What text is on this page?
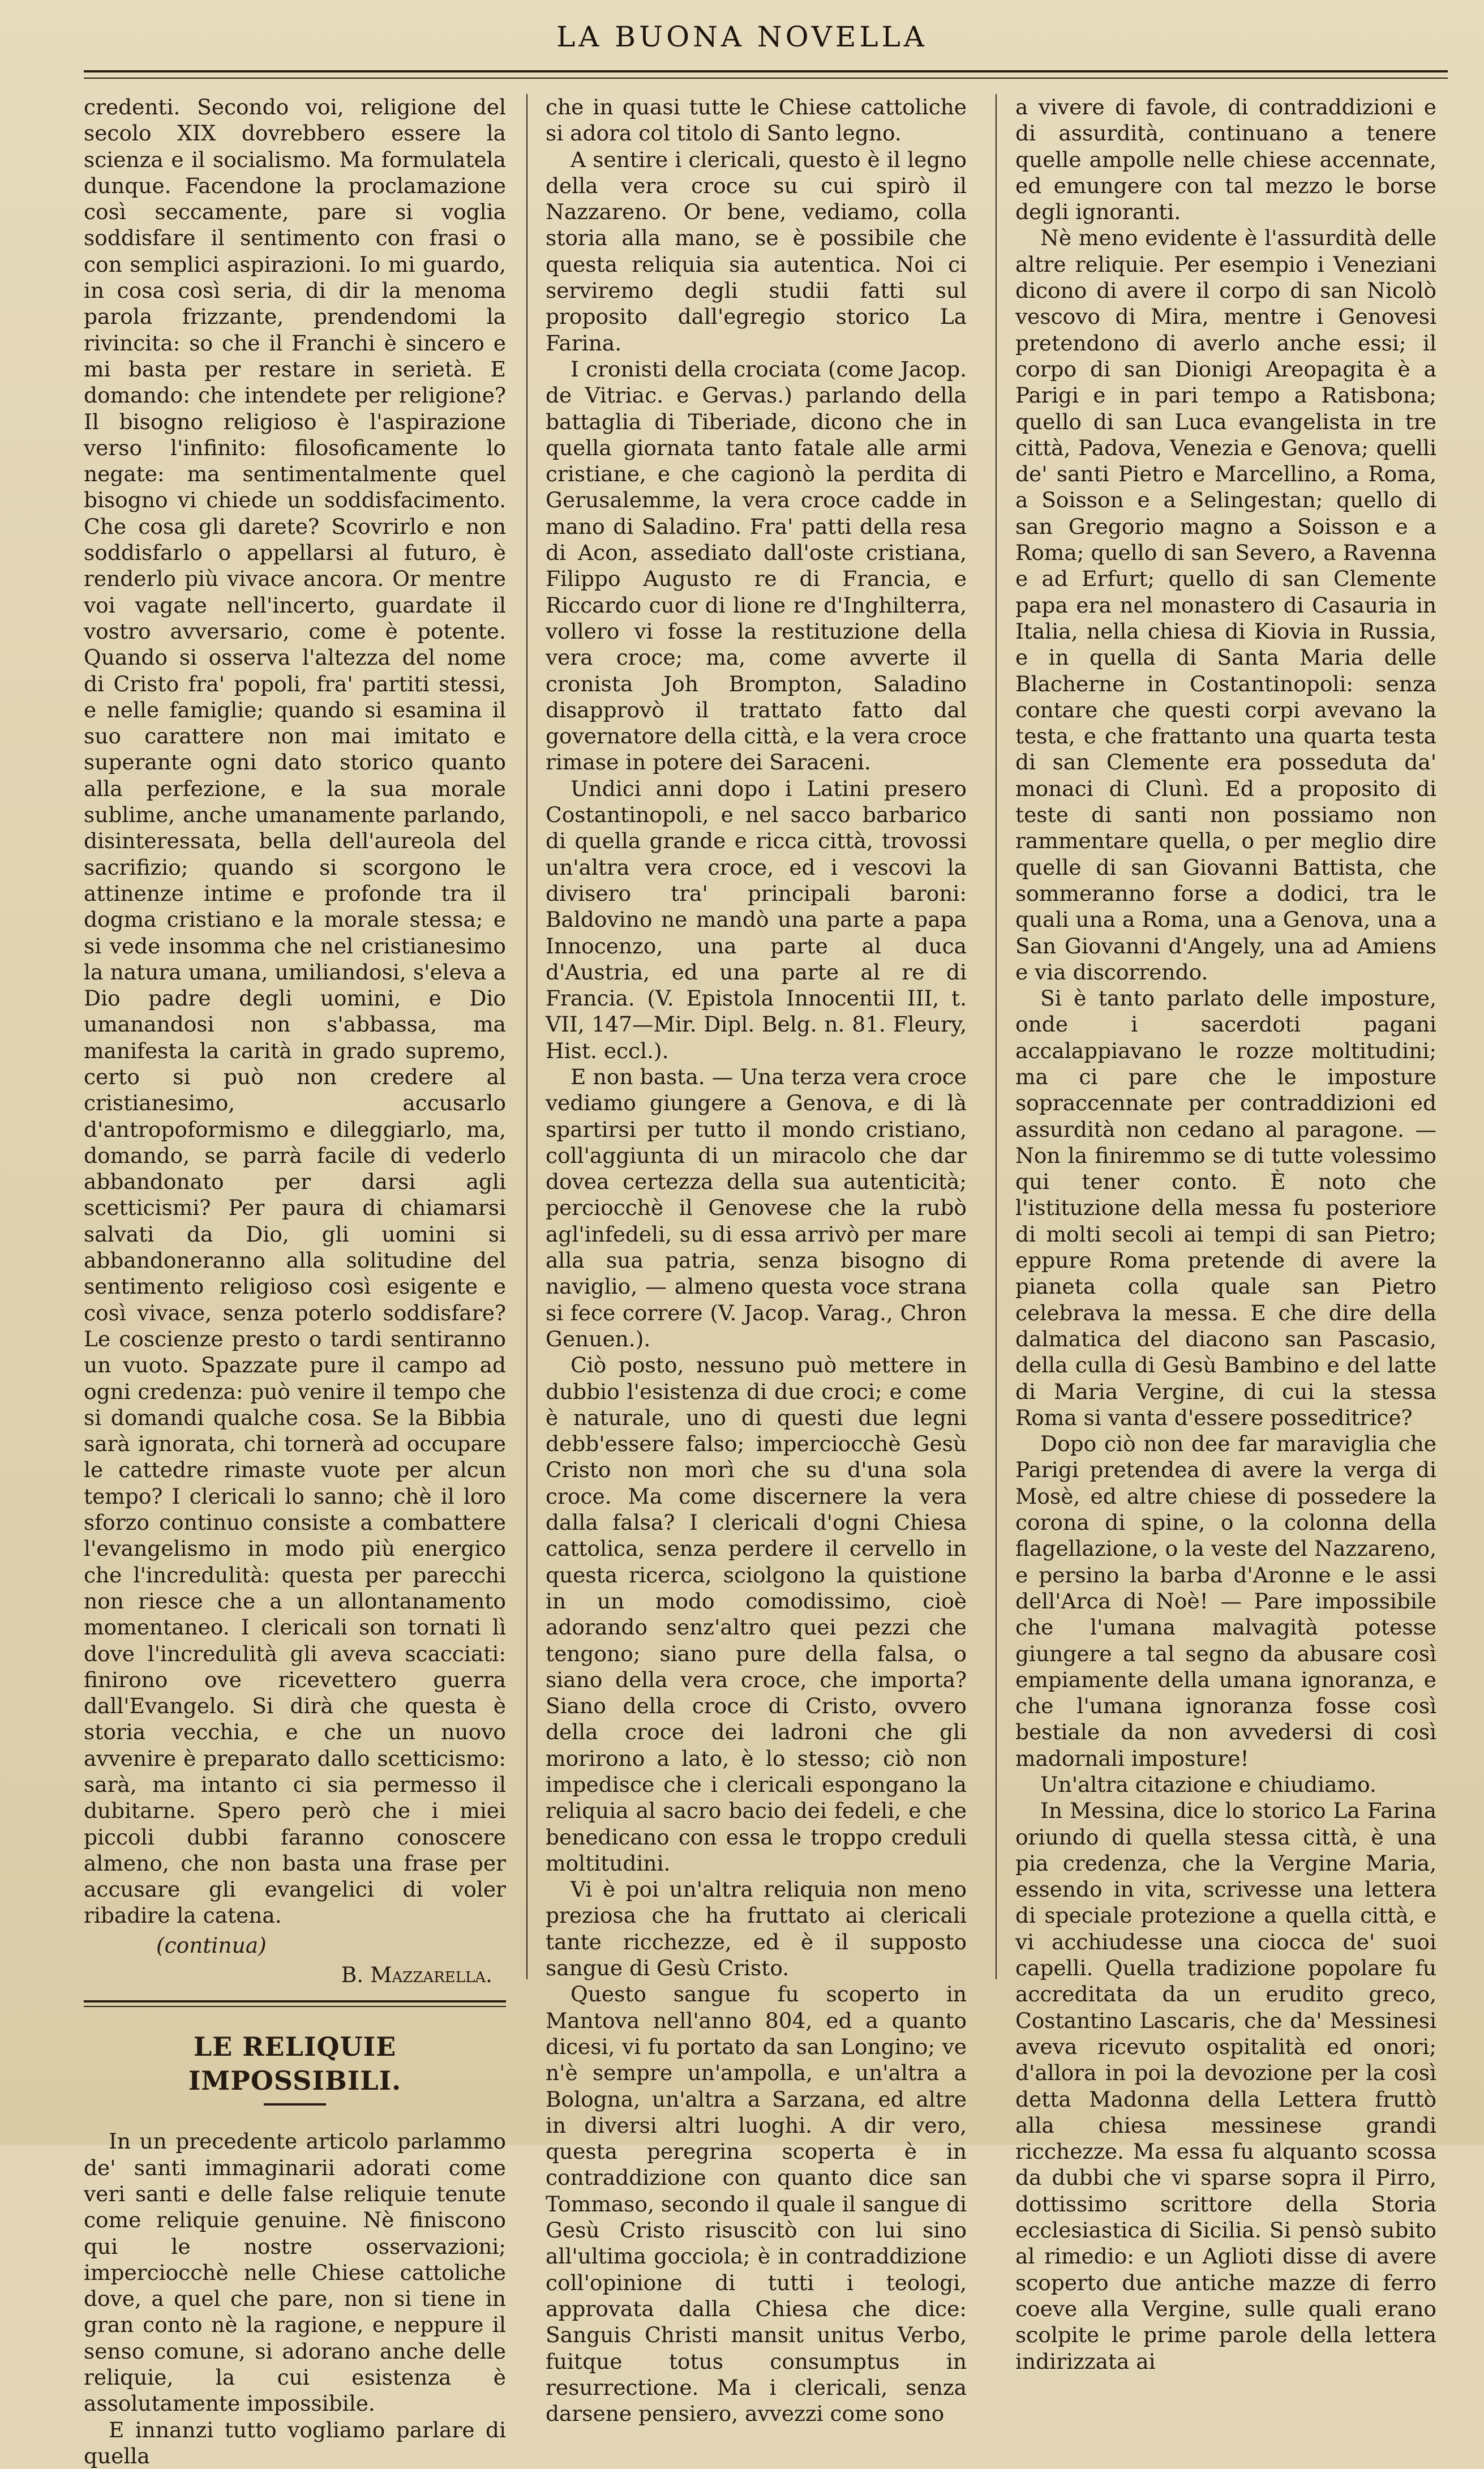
LA BUONA NOVELLA

credenti. Secondo voi, religione del secolo XIX dovrebbero essere la scienza e il socialismo. Ma formulatela dunque. Facendone la proclamazione così seccamente, pare si voglia soddisfare il sentimento con frasi o con semplici aspirazioni. Io mi guardo, in cosa così seria, di dir la menoma parola frizzante, prendendomi la rivincita: so che il Franchi è sincero e mi basta per restare in serietà. E domando: che intendete per religione? Il bisogno religioso è l'aspirazione verso l'infinito: filosoficamente lo negate: ma sentimentalmente quel bisogno vi chiede un soddisfacimento. Che cosa gli darete? Scovrirlo e non soddisfarlo o appellarsi al futuro, è renderlo più vivace ancora. Or mentre voi vagate nell'incerto, guardate il vostro avversario, come è potente. Quando si osserva l'altezza del nome di Cristo fra' popoli, fra' partiti stessi, e nelle famiglie; quando si esamina il suo carattere non mai imitato e superante ogni dato storico quanto alla perfezione, e la sua morale sublime, anche umanamente parlando, disinteressata, bella dell'aureola del sacrifizio; quando si scorgono le attinenze intime e profonde tra il dogma cristiano e la morale stessa; e si vede insomma che nel cristianesimo la natura umana, umiliandosi, s'eleva a Dio padre degli uomini, e Dio umanandosi non s'abbassa, ma manifesta la carità in grado supremo, certo si può non credere al cristianesimo, accusarlo d'antropoformismo e dileggiarlo, ma, domando, se parrà facile di vederlo abbandonato per darsi agli scetticismi? Per paura di chiamarsi salvati da Dio, gli uomini si abbandoneranno alla solitudine del sentimento religioso così esigente e così vivace, senza poterlo soddisfare? Le coscienze presto o tardi sentiranno un vuoto. Spazzate pure il campo ad ogni credenza: può venire il tempo che si domandi qualche cosa. Se la Bibbia sarà ignorata, chi tornerà ad occupare le cattedre rimaste vuote per alcun tempo? I clericali lo sanno; chè il loro sforzo continuo consiste a combattere l'evangelismo in modo più energico che l'incredulità: questa per parecchi non riesce che a un allontanamento momentaneo. I clericali son tornati lì dove l'incredulità gli aveva scacciati: finirono ove ricevettero guerra dall'Evangelo. Si dirà che questa è storia vecchia, e che un nuovo avvenire è preparato dallo scetticismo: sarà, ma intanto ci sia permesso il dubitarne. Spero però che i miei piccoli dubbi faranno conoscere almeno, che non basta una frase per accusare gli evangelici di voler ribadire la catena.

(continua)

B. Mazzarella.

LE RELIQUIE IMPOSSIBILI.

In un precedente articolo parlammo de' santi immaginarii adorati come veri santi e delle false reliquie tenute come reliquie genuine. Nè finiscono qui le nostre osservazioni; imperciocchè nelle Chiese cattoliche dove, a quel che pare, non si tiene in gran conto nè la ragione, e neppure il senso comune, si adorano anche delle reliquie, la cui esistenza è assolutamente impossibile.

E innanzi tutto vogliamo parlare di quella

che in quasi tutte le Chiese cattoliche si adora col titolo di Santo legno.

A sentire i clericali, questo è il legno della vera croce su cui spirò il Nazzareno. Or bene, vediamo, colla storia alla mano, se è possibile che questa reliquia sia autentica. Noi ci serviremo degli studii fatti sul proposito dall'egregio storico La Farina.

I cronisti della crociata (come Jacop. de Vitriac. e Gervas.) parlando della battaglia di Tiberiade, dicono che in quella giornata tanto fatale alle armi cristiane, e che cagionò la perdita di Gerusalemme, la vera croce cadde in mano di Saladino. Fra' patti della resa di Acon, assediato dall'oste cristiana, Filippo Augusto re di Francia, e Riccardo cuor di lione re d'Inghilterra, vollero vi fosse la restituzione della vera croce; ma, come avverte il cronista Joh Brompton, Saladino disapprovò il trattato fatto dal governatore della città, e la vera croce rimase in potere dei Saraceni.

Undici anni dopo i Latini presero Costantinopoli, e nel sacco barbarico di quella grande e ricca città, trovossi un'altra vera croce, ed i vescovi la divisero tra' principali baroni: Baldovino ne mandò una parte a papa Innocenzo, una parte al duca d'Austria, ed una parte al re di Francia. (V. Epistola Innocentii III, t. VII, 147—Mir. Dipl. Belg. n. 81. Fleury, Hist. eccl.).

E non basta. — Una terza vera croce vediamo giungere a Genova, e di là spartirsi per tutto il mondo cristiano, coll'aggiunta di un miracolo che dar dovea certezza della sua autenticità; perciocchè il Genovese che la rubò agl'infedeli, su di essa arrivò per mare alla sua patria, senza bisogno di naviglio, — almeno questa voce strana si fece correre (V. Jacop. Varag., Chron Genuen.).

Ciò posto, nessuno può mettere in dubbio l'esistenza di due croci; e come è naturale, uno di questi due legni debb'essere falso; imperciocchè Gesù Cristo non morì che su d'una sola croce. Ma come discernere la vera dalla falsa? I clericali d'ogni Chiesa cattolica, senza perdere il cervello in questa ricerca, sciolgono la quistione in un modo comodissimo, cioè adorando senz'altro quei pezzi che tengono; siano pure della falsa, o siano della vera croce, che importa? Siano della croce di Cristo, ovvero della croce dei ladroni che gli morirono a lato, è lo stesso; ciò non impedisce che i clericali espongano la reliquia al sacro bacio dei fedeli, e che benedicano con essa le troppo creduli moltitudini.

Vi è poi un'altra reliquia non meno preziosa che ha fruttato ai clericali tante ricchezze, ed è il supposto sangue di Gesù Cristo.

Questo sangue fu scoperto in Mantova nell'anno 804, ed a quanto dicesi, vi fu portato da san Longino; ve n'è sempre un'ampolla, e un'altra a Bologna, un'altra a Sarzana, ed altre in diversi altri luoghi. A dir vero, questa peregrina scoperta è in contraddizione con quanto dice san Tommaso, secondo il quale il sangue di Gesù Cristo risuscitò con lui sino all'ultima gocciola; è in contraddizione coll'opinione di tutti i teologi, approvata dalla Chiesa che dice: Sanguis Christi mansit unitus Verbo, fuitque totus consumptus in resurrectione. Ma i clericali, senza darsene pensiero, avvezzi come sono

a vivere di favole, di contraddizioni e di assurdità, continuano a tenere quelle ampolle nelle chiese accennate, ed emungere con tal mezzo le borse degli ignoranti.

Nè meno evidente è l'assurdità delle altre reliquie. Per esempio i Veneziani dicono di avere il corpo di san Nicolò vescovo di Mira, mentre i Genovesi pretendono di averlo anche essi; il corpo di san Dionigi Areopagita è a Parigi e in pari tempo a Ratisbona; quello di san Luca evangelista in tre città, Padova, Venezia e Genova; quelli de' santi Pietro e Marcellino, a Roma, a Soisson e a Selingestan; quello di san Gregorio magno a Soisson e a Roma; quello di san Severo, a Ravenna e ad Erfurt; quello di san Clemente papa era nel monastero di Casauria in Italia, nella chiesa di Kiovia in Russia, e in quella di Santa Maria delle Blacherne in Costantinopoli: senza contare che questi corpi avevano la testa, e che frattanto una quarta testa di san Clemente era posseduta da' monaci di Clunì. Ed a proposito di teste di santi non possiamo non rammentare quella, o per meglio dire quelle di san Giovanni Battista, che sommeranno forse a dodici, tra le quali una a Roma, una a Genova, una a San Giovanni d'Angely, una ad Amiens e via discorrendo.

Si è tanto parlato delle imposture, onde i sacerdoti pagani accalappiavano le rozze moltitudini; ma ci pare che le imposture sopraccennate per contraddizioni ed assurdità non cedano al paragone. — Non la finiremmo se di tutte volessimo qui tener conto. È noto che l'istituzione della messa fu posteriore di molti secoli ai tempi di san Pietro; eppure Roma pretende di avere la pianeta colla quale san Pietro celebrava la messa. E che dire della dalmatica del diacono san Pascasio, della culla di Gesù Bambino e del latte di Maria Vergine, di cui la stessa Roma si vanta d'essere posseditrice?

Dopo ciò non dee far maraviglia che Parigi pretendea di avere la verga di Mosè, ed altre chiese di possedere la corona di spine, o la colonna della flagellazione, o la veste del Nazzareno, e persino la barba d'Aronne e le assi dell'Arca di Noè! — Pare impossibile che l'umana malvagità potesse giungere a tal segno da abusare così empiamente della umana ignoranza, e che l'umana ignoranza fosse così bestiale da non avvedersi di così madornali imposture!

Un'altra citazione e chiudiamo.

In Messina, dice lo storico La Farina oriundo di quella stessa città, è una pia credenza, che la Vergine Maria, essendo in vita, scrivesse una lettera di speciale protezione a quella città, e vi acchiudesse una ciocca de' suoi capelli. Quella tradizione popolare fu accreditata da un erudito greco, Costantino Lascaris, che da' Messinesi aveva ricevuto ospitalità ed onori; d'allora in poi la devozione per la così detta Madonna della Lettera fruttò alla chiesa messinese grandi ricchezze. Ma essa fu alquanto scossa da dubbi che vi sparse sopra il Pirro, dottissimo scrittore della Storia ecclesiastica di Sicilia. Si pensò subito al rimedio: e un Aglioti disse di avere scoperto due antiche mazze di ferro coeve alla Vergine, sulle quali erano scolpite le prime parole della lettera indirizzata ai
